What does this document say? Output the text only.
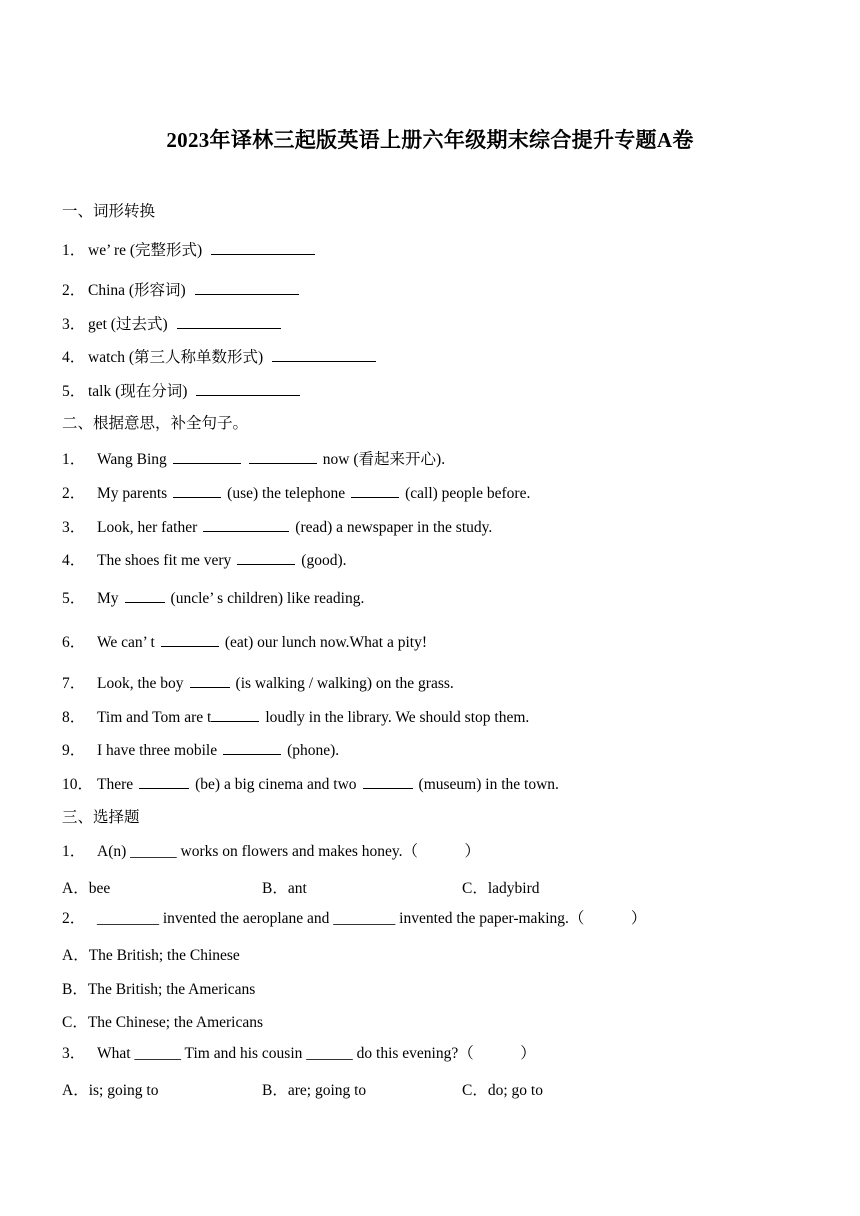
2023年译林三起版英语上册六年级期末综合提升专题A卷
一、词形转换
1． we’ re (完整形式)
2． China (形容词)
3． get (过去式)
4． watch (第三人称单数形式)
5． talk (现在分词)
二、根据意思，补全句子。
1． Wang Bing	now (看起来开心).
2． My parents	(use) the telephone	(call) people before.
3． Look, her father	(read) a newspaper in the study.
4． The shoes fit me very	(good).
5． My	(uncle’ s children) like reading.
6． We can’ t	(eat) our lunch now.What a pity!
7． Look, the boy	(is walking / walking) on the grass.
8． Tim and Tom are t	loudly in the library. We should stop them.
9． I have three mobile	(phone).
10． There	(be) a big cinema and two	(museum) in the town.
三、选择题
1． A(n) ______ works on flowers and makes honey.（　　　）
A．bee	B．ant	C．ladybird
2． ________ invented the aeroplane and ________ invented the paper-making.（　　　）
A．The British; the Chinese
B．The British; the Americans
C．The Chinese; the Americans
3． What ______ Tim and his cousin ______ do this evening?（　　　）
A．is; going to	B．are; going to	C．do; go to
